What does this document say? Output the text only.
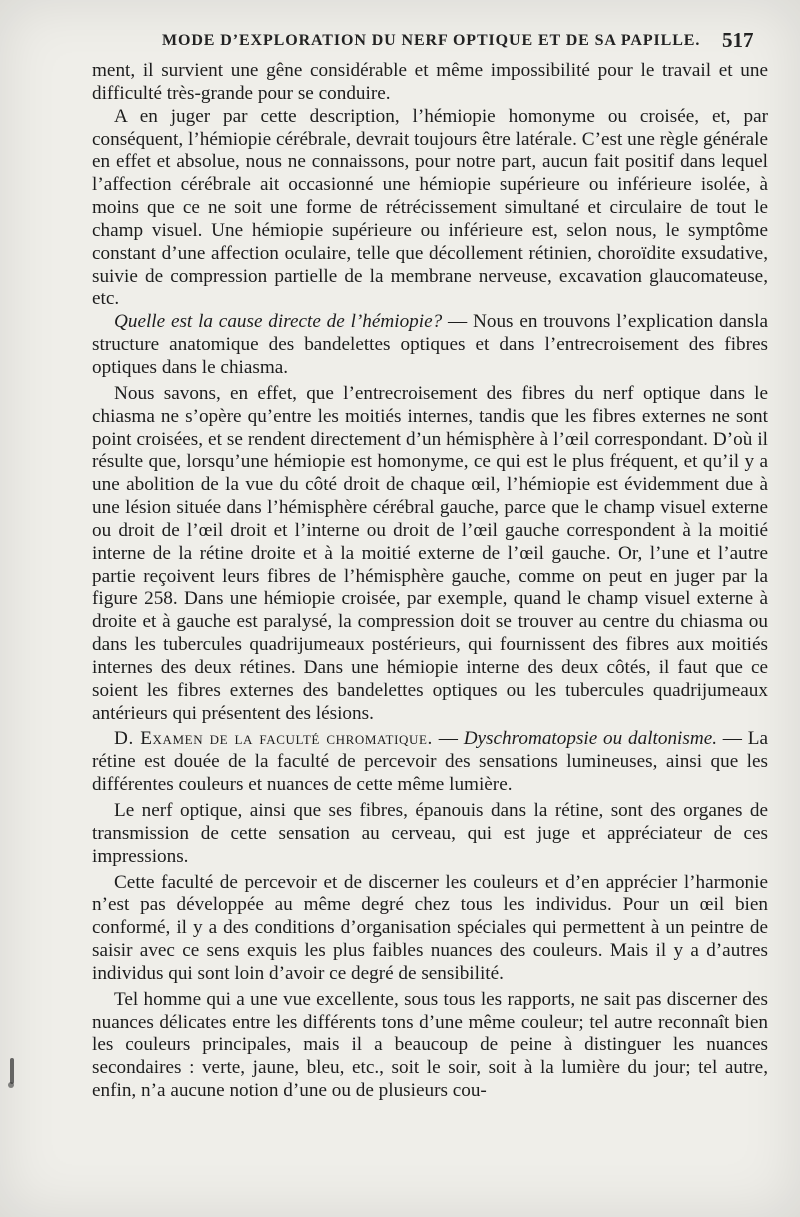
MODE D’EXPLORATION DU NERF OPTIQUE ET DE SA PAPILLE. 517

ment, il survient une gêne considérable et même impossibilité pour le travail et une difficulté très-grande pour se conduire.

A en juger par cette description, l’hémiopie homonyme ou croisée, et, par conséquent, l’hémiopie cérébrale, devrait toujours être latérale. C’est une règle générale en effet et absolue, nous ne connaissons, pour notre part, aucun fait positif dans lequel l’affection cérébrale ait occasionné une hémiopie supérieure ou inférieure isolée, à moins que ce ne soit une forme de rétrécissement simultané et circulaire de tout le champ visuel. Une hémiopie supérieure ou inférieure est, selon nous, le symptôme constant d’une affection oculaire, telle que décollement rétinien, choroïdite exsudative, suivie de compression partielle de la membrane nerveuse, excavation glaucomateuse, etc.

Quelle est la cause directe de l’hémiopie? — Nous en trouvons l’explication dansla structure anatomique des bandelettes optiques et dans l’entrecroisement des fibres optiques dans le chiasma.

Nous savons, en effet, que l’entrecroisement des fibres du nerf optique dans le chiasma ne s’opère qu’entre les moitiés internes, tandis que les fibres externes ne sont point croisées, et se rendent directement d’un hémisphère à l’œil correspondant. D’où il résulte que, lorsqu’une hémiopie est homonyme, ce qui est le plus fréquent, et qu’il y a une abolition de la vue du côté droit de chaque œil, l’hémiopie est évidemment due à une lésion située dans l’hémisphère cérébral gauche, parce que le champ visuel externe ou droit de l’œil droit et l’interne ou droit de l’œil gauche correspondent à la moitié interne de la rétine droite et à la moitié externe de l’œil gauche. Or, l’une et l’autre partie reçoivent leurs fibres de l’hémisphère gauche, comme on peut en juger par la figure 258. Dans une hémiopie croisée, par exemple, quand le champ visuel externe à droite et à gauche est paralysé, la compression doit se trouver au centre du chiasma ou dans les tubercules quadrijumeaux postérieurs, qui fournissent des fibres aux moitiés internes des deux rétines. Dans une hémiopie interne des deux côtés, il faut que ce soient les fibres externes des bandelettes optiques ou les tubercules quadrijumeaux antérieurs qui présentent des lésions.

D. Examen de la faculté chromatique. — Dyschromatopsie ou daltonisme. — La rétine est douée de la faculté de percevoir des sensations lumineuses, ainsi que les différentes couleurs et nuances de cette même lumière.

Le nerf optique, ainsi que ses fibres, épanouis dans la rétine, sont des organes de transmission de cette sensation au cerveau, qui est juge et appréciateur de ces impressions.

Cette faculté de percevoir et de discerner les couleurs et d’en apprécier l’harmonie n’est pas développée au même degré chez tous les individus. Pour un œil bien conformé, il y a des conditions d’organisation spéciales qui permettent à un peintre de saisir avec ce sens exquis les plus faibles nuances des couleurs. Mais il y a d’autres individus qui sont loin d’avoir ce degré de sensibilité.

Tel homme qui a une vue excellente, sous tous les rapports, ne sait pas discerner des nuances délicates entre les différents tons d’une même couleur; tel autre reconnaît bien les couleurs principales, mais il a beaucoup de peine à distinguer les nuances secondaires : verte, jaune, bleu, etc., soit le soir, soit à la lumière du jour; tel autre, enfin, n’a aucune notion d’une ou de plusieurs cou-
